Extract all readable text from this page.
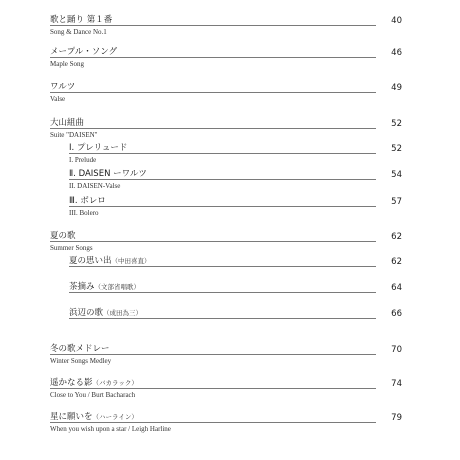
歌と踊り 第１番	40
Song & Dance No.1
メープル・ソング	46
Maple Song
ワルツ	49
Valse
大山組曲	52
Suite "DAISEN"
Ⅰ. プレリュード	52
I. Prelude
Ⅱ. DAISEN ーワルツ	54
II. DAISEN-Valse
Ⅲ. ボレロ	57
III. Bolero
夏の歌	62
Summer Songs
夏の思い出（中田喜直）	62
茶摘み（文部省唱歌）	64
浜辺の歌（成田為三）	66
冬の歌メドレー	70
Winter Songs Medley
遥かなる影（バカラック）	74
Close to You / Burt Bacharach
星に願いを（ハーライン）	79
When you wish upon a star / Leigh Harline
